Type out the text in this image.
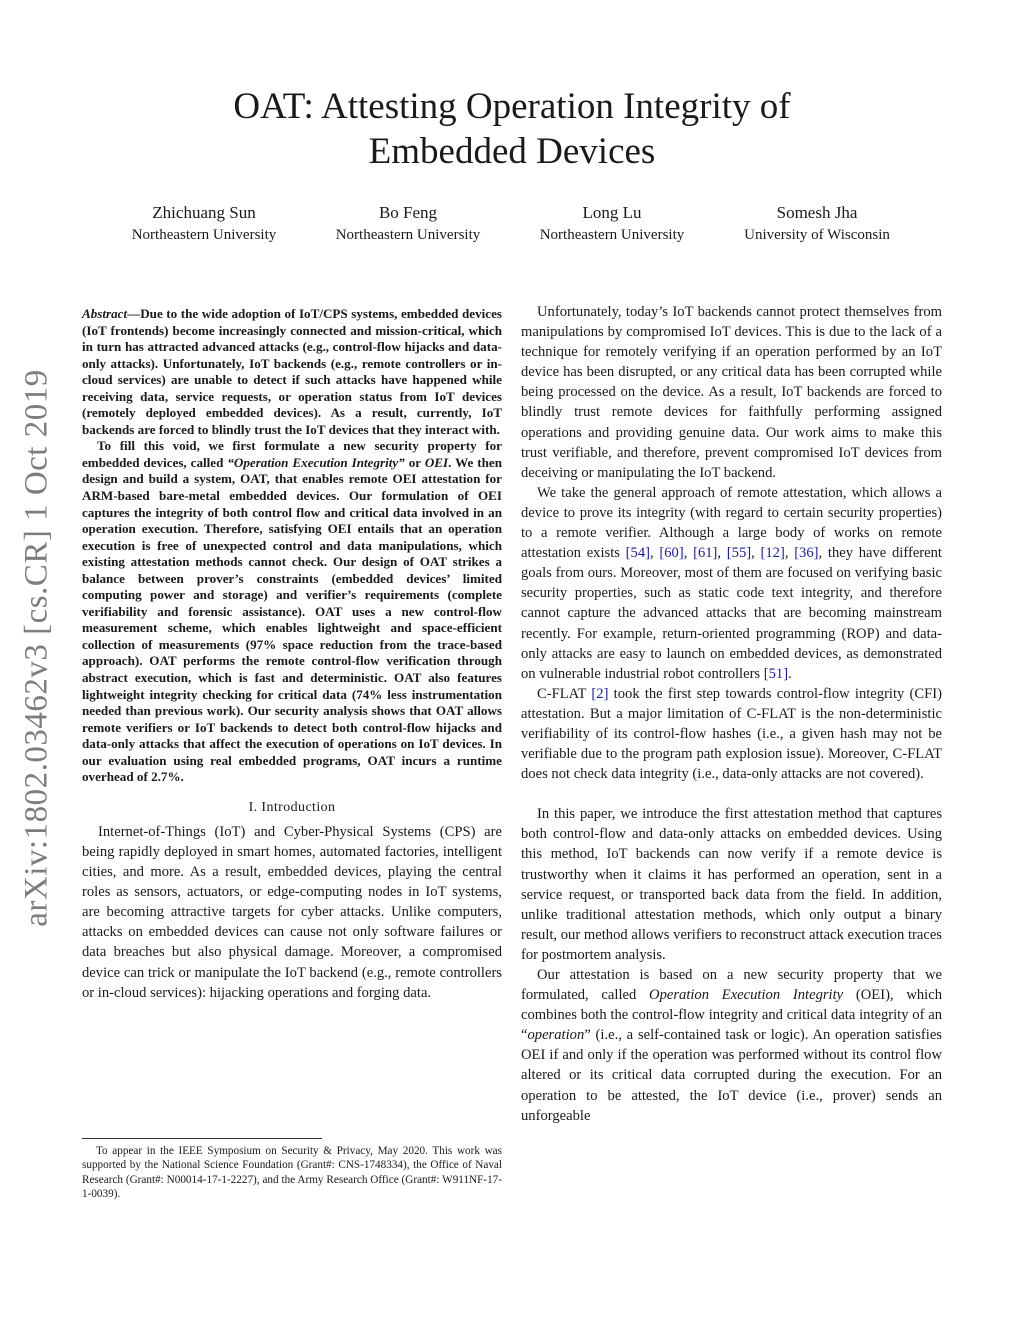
arXiv:1802.03462v3 [cs.CR] 1 Oct 2019
OAT: Attesting Operation Integrity of
Embedded Devices
Zhichuang Sun
Northeastern University
Bo Feng
Northeastern University
Long Lu
Northeastern University
Somesh Jha
University of Wisconsin

Abstract—Due to the wide adoption of IoT/CPS systems, embedded devices (IoT frontends) become increasingly connected and mission-critical, which in turn has attracted advanced attacks (e.g., control-flow hijacks and data-only attacks). Unfortunately, IoT backends (e.g., remote controllers or in-cloud services) are unable to detect if such attacks have happened while receiving data, service requests, or operation status from IoT devices (remotely deployed embedded devices). As a result, currently, IoT backends are forced to blindly trust the IoT devices that they interact with.

To fill this void, we first formulate a new security property for embedded devices, called “Operation Execution Integrity” or OEI. We then design and build a system, OAT, that enables remote OEI attestation for ARM-based bare-metal embedded devices. Our formulation of OEI captures the integrity of both control flow and critical data involved in an operation execution. Therefore, satisfying OEI entails that an operation execution is free of unexpected control and data manipulations, which existing attestation methods cannot check. Our design of OAT strikes a balance between prover’s constraints (embedded devices’ limited computing power and storage) and verifier’s requirements (complete verifiability and forensic assistance). OAT uses a new control-flow measurement scheme, which enables lightweight and space-efficient collection of measurements (97% space reduction from the trace-based approach). OAT performs the remote control-flow verification through abstract execution, which is fast and deterministic. OAT also features lightweight integrity checking for critical data (74% less instrumentation needed than previous work). Our security analysis shows that OAT allows remote verifiers or IoT backends to detect both control-flow hijacks and data-only attacks that affect the execution of operations on IoT devices. In our evaluation using real embedded programs, OAT incurs a runtime overhead of 2.7%.

I. Introduction

Internet-of-Things (IoT) and Cyber-Physical Systems (CPS) are being rapidly deployed in smart homes, automated factories, intelligent cities, and more. As a result, embedded devices, playing the central roles as sensors, actuators, or edge-computing nodes in IoT systems, are becoming attractive targets for cyber attacks. Unlike computers, attacks on embedded devices can cause not only software failures or data breaches but also physical damage. Moreover, a compromised device can trick or manipulate the IoT backend (e.g., remote controllers or in-cloud services): hijacking operations and forging data.

To appear in the IEEE Symposium on Security & Privacy, May 2020. This work was supported by the National Science Foundation (Grant#: CNS-1748334), the Office of Naval Research (Grant#: N00014-17-1-2227), and the Army Research Office (Grant#: W911NF-17-1-0039).

Unfortunately, today’s IoT backends cannot protect themselves from manipulations by compromised IoT devices. This is due to the lack of a technique for remotely verifying if an operation performed by an IoT device has been disrupted, or any critical data has been corrupted while being processed on the device. As a result, IoT backends are forced to blindly trust remote devices for faithfully performing assigned operations and providing genuine data. Our work aims to make this trust verifiable, and therefore, prevent compromised IoT devices from deceiving or manipulating the IoT backend.

We take the general approach of remote attestation, which allows a device to prove its integrity (with regard to certain security properties) to a remote verifier. Although a large body of works on remote attestation exists [54], [60], [61], [55], [12], [36], they have different goals from ours. Moreover, most of them are focused on verifying basic security properties, such as static code text integrity, and therefore cannot capture the advanced attacks that are becoming mainstream recently. For example, return-oriented programming (ROP) and data-only attacks are easy to launch on embedded devices, as demonstrated on vulnerable industrial robot controllers [51].

C-FLAT [2] took the first step towards control-flow integrity (CFI) attestation. But a major limitation of C-FLAT is the non-deterministic verifiability of its control-flow hashes (i.e., a given hash may not be verifiable due to the program path explosion issue). Moreover, C-FLAT does not check data integrity (i.e., data-only attacks are not covered).

In this paper, we introduce the first attestation method that captures both control-flow and data-only attacks on embedded devices. Using this method, IoT backends can now verify if a remote device is trustworthy when it claims it has performed an operation, sent in a service request, or transported back data from the field. In addition, unlike traditional attestation methods, which only output a binary result, our method allows verifiers to reconstruct attack execution traces for postmortem analysis.

Our attestation is based on a new security property that we formulated, called Operation Execution Integrity (OEI), which combines both the control-flow integrity and critical data integrity of an “operation” (i.e., a self-contained task or logic). An operation satisfies OEI if and only if the operation was performed without its control flow altered or its critical data corrupted during the execution. For an operation to be attested, the IoT device (i.e., prover) sends an unforgeable
